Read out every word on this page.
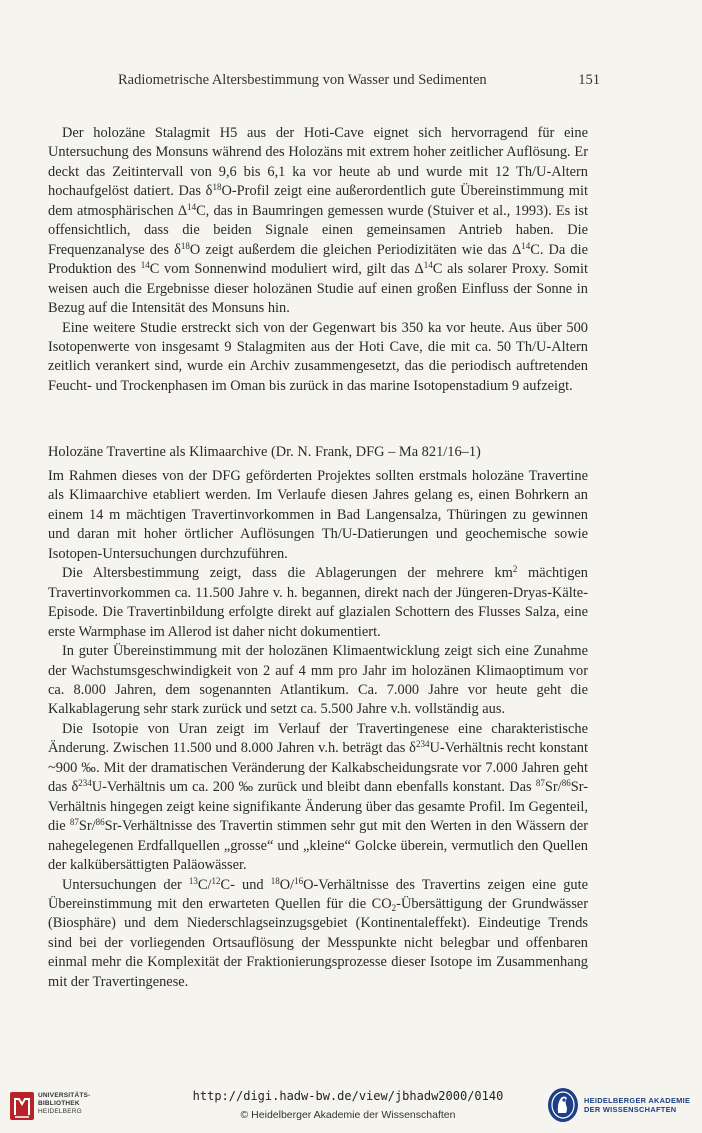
Radiometrische Altersbestimmung von Wasser und Sedimenten	151

Der holozäne Stalagmit H5 aus der Hoti-Cave eignet sich hervorragend für eine Untersuchung des Monsuns während des Holozäns mit extrem hoher zeitlicher Auflösung. Er deckt das Zeitintervall von 9,6 bis 6,1 ka vor heute ab und wurde mit 12 Th/U-Altern hochaufgelöst datiert. Das $\delta^{18}O$-Profil zeigt eine außerordentlich gute Übereinstimmung mit dem atmosphärischen $\Delta^{14}C$, das in Baumringen gemessen wurde (Stuiver et al., 1993). Es ist offensichtlich, dass die beiden Signale einen gemeinsamen Antrieb haben. Die Frequenzanalyse des $\delta^{18}O$ zeigt außerdem die gleichen Periodizitäten wie das $\Delta^{14}C$. Da die Produktion des $^{14}$C vom Sonnenwind moduliert wird, gilt das $\Delta^{14}C$ als solarer Proxy. Somit weisen auch die Ergebnisse dieser holozänen Studie auf einen großen Einfluss der Sonne in Bezug auf die Intensität des Monsuns hin.

Eine weitere Studie erstreckt sich von der Gegenwart bis 350 ka vor heute. Aus über 500 Isotopenwerte von insgesamt 9 Stalagmiten aus der Hoti Cave, die mit ca. 50 Th/U-Altern zeitlich verankert sind, wurde ein Archiv zusammengesetzt, das die periodisch auftretenden Feucht- und Trockenphasen im Oman bis zurück in das marine Isotopenstadium 9 aufzeigt.

Holozäne Travertine als Klimaarchive (Dr. N. Frank, DFG – Ma 821/16–1)

Im Rahmen dieses von der DFG geförderten Projektes sollten erstmals holozäne Travertine als Klimaarchive etabliert werden. Im Verlaufe diesen Jahres gelang es, einen Bohrkern an einem 14 m mächtigen Travertinvorkommen in Bad Langensalza, Thüringen zu gewinnen und daran mit hoher örtlicher Auflösungen Th/U-Datierungen und geochemische sowie Isotopen-Untersuchungen durchzuführen.

Die Altersbestimmung zeigt, dass die Ablagerungen der mehrere $km^2$ mächtigen Travertinvorkommen ca. 11.500 Jahre v. h. begannen, direkt nach der Jüngeren-Dryas-Kälte-Episode. Die Travertinbildung erfolgte direkt auf glazialen Schottern des Flusses Salza, eine erste Warmphase im Allerod ist daher nicht dokumentiert.

In guter Übereinstimmung mit der holozänen Klimaentwicklung zeigt sich eine Zunahme der Wachstumsgeschwindigkeit von 2 auf 4 mm pro Jahr im holozänen Klimaoptimum vor ca. 8.000 Jahren, dem sogenannten Atlantikum. Ca. 7.000 Jahre vor heute geht die Kalkablagerung sehr stark zurück und setzt ca. 5.500 Jahre v.h. vollständig aus.

Die Isotopie von Uran zeigt im Verlauf der Travertingenese eine charakteristische Änderung. Zwischen 11.500 und 8.000 Jahren v.h. beträgt das $\delta^{234}U$-Verhältnis recht konstant ~900 ‰. Mit der dramatischen Veränderung der Kalkabscheidungsrate vor 7.000 Jahren geht das $\delta^{234}U$-Verhältnis um ca. 200 ‰ zurück und bleibt dann ebenfalls konstant. Das $^{87}$Sr/$^{86}$Sr-Verhältnis hingegen zeigt keine signifikante Änderung über das gesamte Profil. Im Gegenteil, die $^{87}$Sr/$^{86}$Sr-Verhältnisse des Travertin stimmen sehr gut mit den Werten in den Wässern der nahegelegenen Erdfallquellen „grosse“ und „kleine“ Golcke überein, vermutlich den Quellen der kalkübersättigten Paläowässer.

Untersuchungen der $^{13}$C/$^{12}$C- und $^{18}$O/$^{16}$O-Verhältnisse des Travertins zeigen eine gute Übereinstimmung mit den erwarteten Quellen für die $CO_2$-Übersättigung der Grundwässer (Biosphäre) und dem Niederschlagseinzugsgebiet (Kontinentaleffekt). Eindeutige Trends sind bei der vorliegenden Ortsauflösung der Messpunkte nicht belegbar und offenbaren einmal mehr die Komplexität der Fraktionierungsprozesse dieser Isotope im Zusammenhang mit der Travertingenese.

UNIVERSITÄTS-
BIBLIOTHEK
HEIDELBERG
http://digi.hadw-bw.de/view/jbhadw2000/0140
© Heidelberger Akademie der Wissenschaften
HEIDELBERGER AKADEMIE
DER WISSENSCHAFTEN
